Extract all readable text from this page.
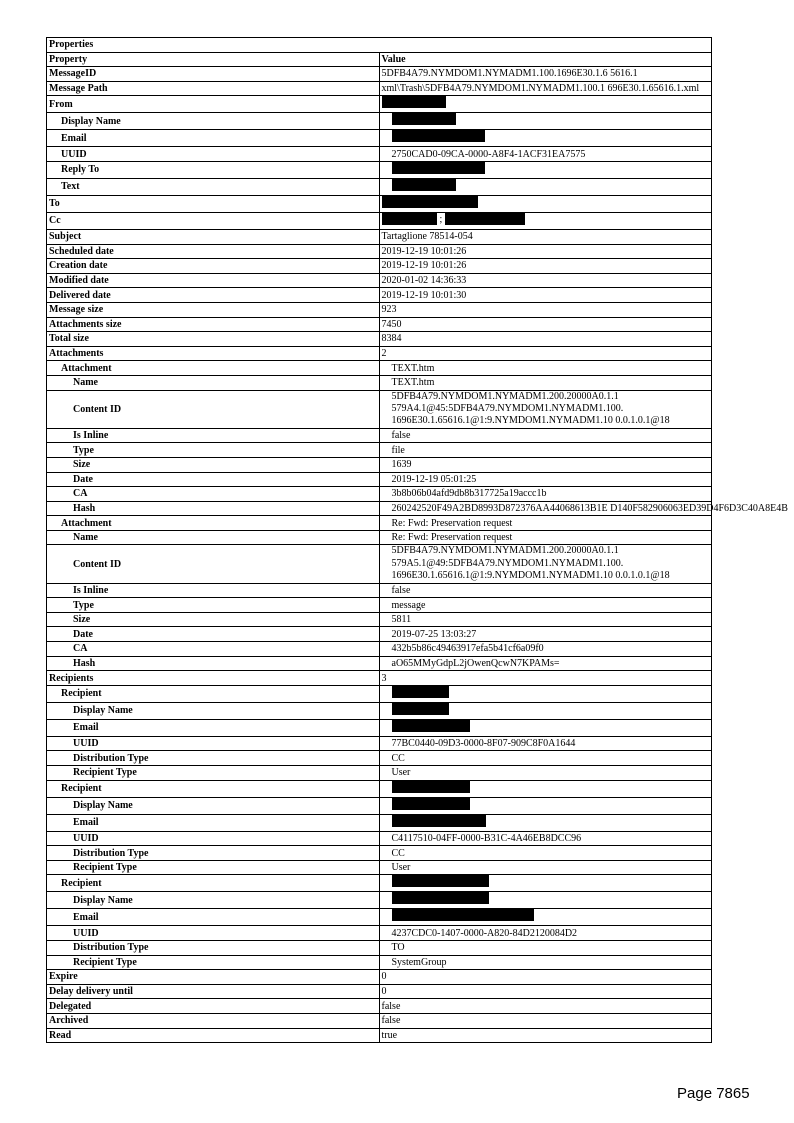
Properties	
Property	Value
MessageID	5DFB4A79.NYMDOM1.NYMADM1.100.1696E30.1.6 5616.1
Message Path	xml\Trash\5DFB4A79.NYMDOM1.NYMADM1.100.1 696E30.1.65616.1.xml
From	

Display Name	

Email	

UUID	2750CAD0-09CA-0000-A8F4-1ACF31EA7575
Reply To	

Text	

To	

Cc	;

Subject	Tartaglione 78514-054
Scheduled date	2019-12-19 10:01:26
Creation date	2019-12-19 10:01:26
Modified date	2020-01-02 14:36:33
Delivered date	2019-12-19 10:01:30
Message size	923
Attachments size	7450
Total size	8384
Attachments	2
Attachment	TEXT.htm
Name	TEXT.htm
Content ID	5DFB4A79.NYMDOM1.NYMADM1.200.20000A0.1.1
579A4.1@45:5DFB4A79.NYMDOM1.NYMADM1.100.
1696E30.1.65616.1@1:9.NYMDOM1.NYMADM1.10 0.0.1.0.1@18

Is Inline	false
Type	file
Size	1639
Date	2019-12-19 05:01:25
CA	3b8b06b04afd9db8b317725a19accc1b
Hash	260242520F49A2BD8993D872376AA44068613B1E D140F582906063ED39D4F6D3C40A8E4B
Attachment	Re: Fwd: Preservation request
Name	Re: Fwd: Preservation request
Content ID	5DFB4A79.NYMDOM1.NYMADM1.200.20000A0.1.1
579A5.1@49:5DFB4A79.NYMDOM1.NYMADM1.100.
1696E30.1.65616.1@1:9.NYMDOM1.NYMADM1.10 0.0.1.0.1@18

Is Inline	false
Type	message
Size	5811
Date	2019-07-25 13:03:27
CA	432b5b86c49463917efa5b41cf6a09f0
Hash	aO65MMyGdpL2jOwenQcwN7KPAMs=
Recipients	3
Recipient	

Display Name	

Email	

UUID	77BC0440-09D3-0000-8F07-909C8F0A1644
Distribution Type	CC
Recipient Type	User
Recipient	

Display Name	

Email	

UUID	C4117510-04FF-0000-B31C-4A46EB8DCC96
Distribution Type	CC
Recipient Type	User
Recipient	

Display Name	

Email	

UUID	4237CDC0-1407-0000-A820-84D2120084D2
Distribution Type	TO
Recipient Type	SystemGroup
Expire	0
Delay delivery until	0
Delegated	false
Archived	false
Read	true
Page 7865
